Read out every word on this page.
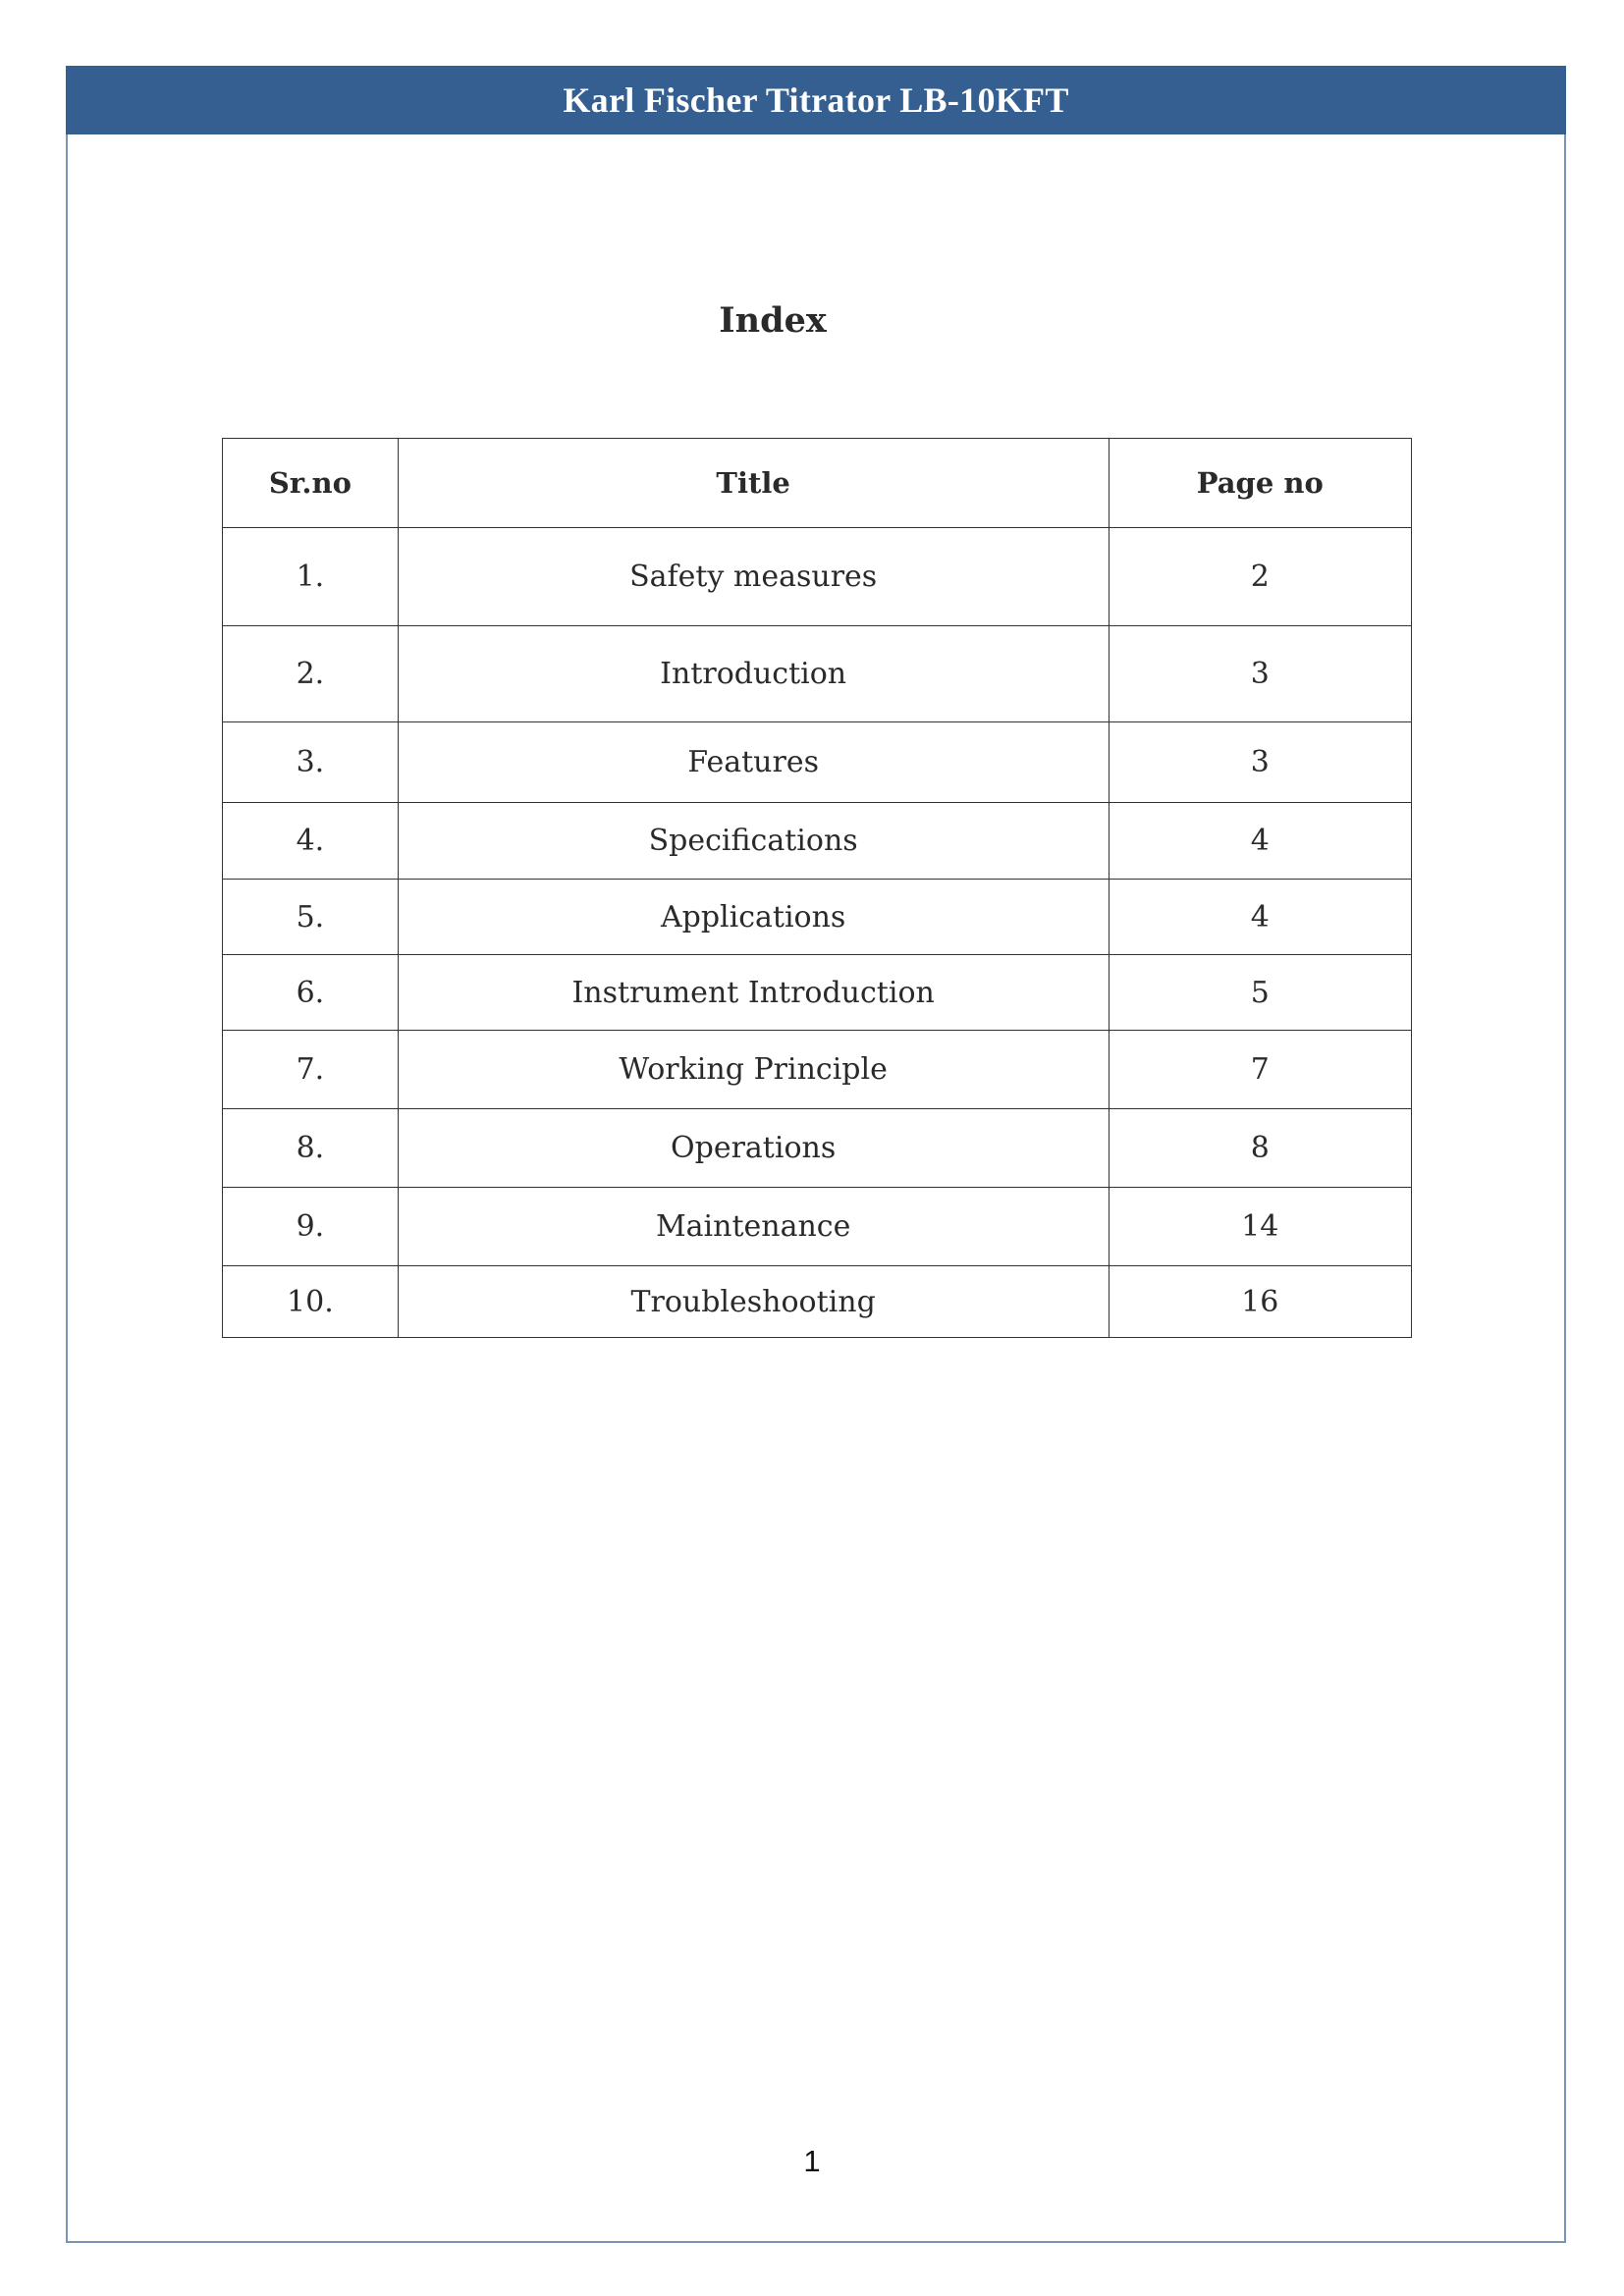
Karl Fischer Titrator LB-10KFT
Index
Sr.no	Title	Page no
1.	Safety measures	2
2.	Introduction	3
3.	Features	3
4.	Specifications	4
5.	Applications	4
6.	Instrument Introduction	5
7.	Working Principle	7
8.	Operations	8
9.	Maintenance	14
10.	Troubleshooting	16
1
